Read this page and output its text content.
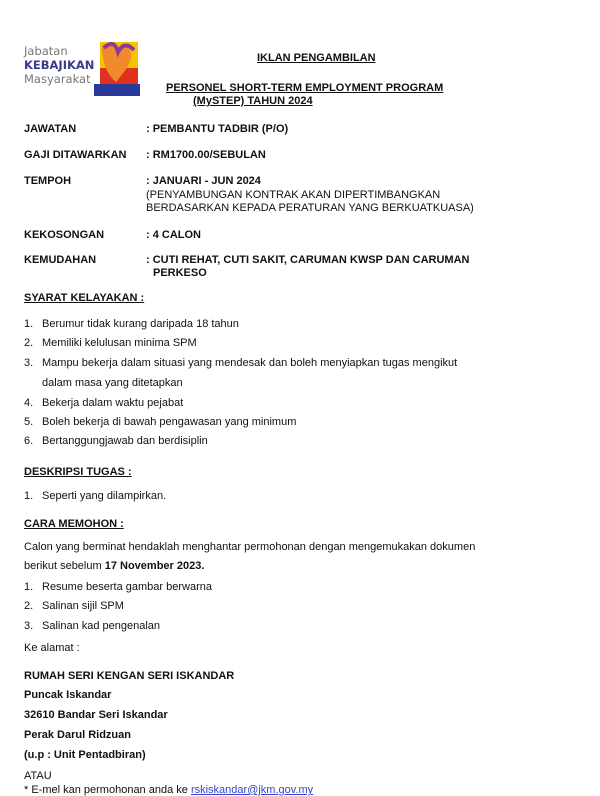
Jabatan
KEBAJIKAN
Masyarakat
IKLAN PENGAMBILAN
PERSONEL SHORT-TERM EMPLOYMENT PROGRAM
(MySTEP) TAHUN 2024
JAWATAN	: PEMBANTU TADBIR (P/O)
GAJI DITAWARKAN : RM1700.00/SEBULAN
TEMPOH	: JANUARI - JUN 2024
(PENYAMBUNGAN KONTRAK AKAN DIPERTIMBANGKAN
BERDASARKAN KEPADA PERATURAN YANG BERKUATKUASA)
KEKOSONGAN	: 4 CALON
KEMUDAHAN	: CUTI REHAT, CUTI SAKIT, CARUMAN KWSP DAN CARUMAN
PERKESO
SYARAT KELAYAKAN :
1. Berumur tidak kurang daripada 18 tahun
2. Memiliki kelulusan minima SPM
3. Mampu bekerja dalam situasi yang mendesak dan boleh menyiapkan tugas mengikut
dalam masa yang ditetapkan
4. Bekerja dalam waktu pejabat
5. Boleh bekerja di bawah pengawasan yang minimum
6. Bertanggungjawab dan berdisiplin
DESKRIPSI TUGAS :
1. Seperti yang dilampirkan.
CARA MEMOHON :
Calon yang berminat hendaklah menghantar permohonan dengan mengemukakan dokumen
berikut sebelum 17 November 2023.
1. Resume beserta gambar berwarna
2. Salinan sijil SPM
3. Salinan kad pengenalan
Ke alamat :
RUMAH SERI KENGAN SERI ISKANDAR
Puncak Iskandar
32610 Bandar Seri Iskandar
Perak Darul Ridzuan
(u.p : Unit Pentadbiran)
ATAU
* E-mel kan permohonan anda ke rskiskandar@jkm.gov.my
